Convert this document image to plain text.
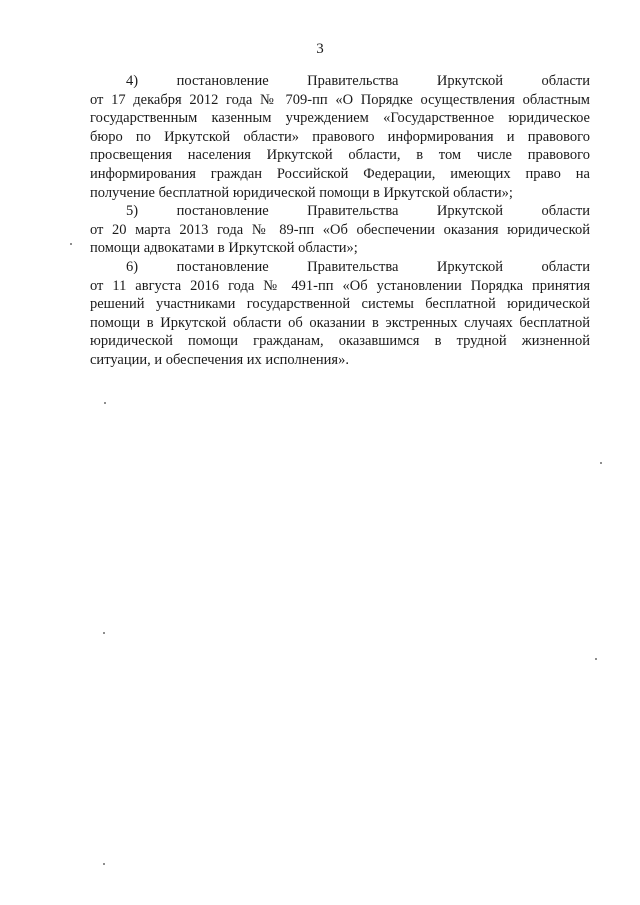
3
4)	постановление	Правительства	Иркутской	области
от 17 декабря 2012 года № 709-пп «О Порядке осуществления областным
государственным казенным учреждением «Государственное юридическое
бюро по Иркутской области» правового информирования и правового
просвещения населения Иркутской области, в том числе правового
информирования граждан Российской Федерации, имеющих право на
получение бесплатной юридической помощи в Иркутской области»;
5)	постановление	Правительства	Иркутской	области
от 20 марта 2013 года № 89-пп «Об обеспечении оказания юридической
помощи адвокатами в Иркутской области»;
6)	постановление	Правительства	Иркутской	области
от 11 августа 2016 года № 491-пп «Об установлении Порядка принятия
решений участниками государственной системы бесплатной юридической
помощи в Иркутской области об оказании в экстренных случаях бесплатной
юридической помощи гражданам, оказавшимся в трудной жизненной
ситуации, и обеспечения их исполнения».
